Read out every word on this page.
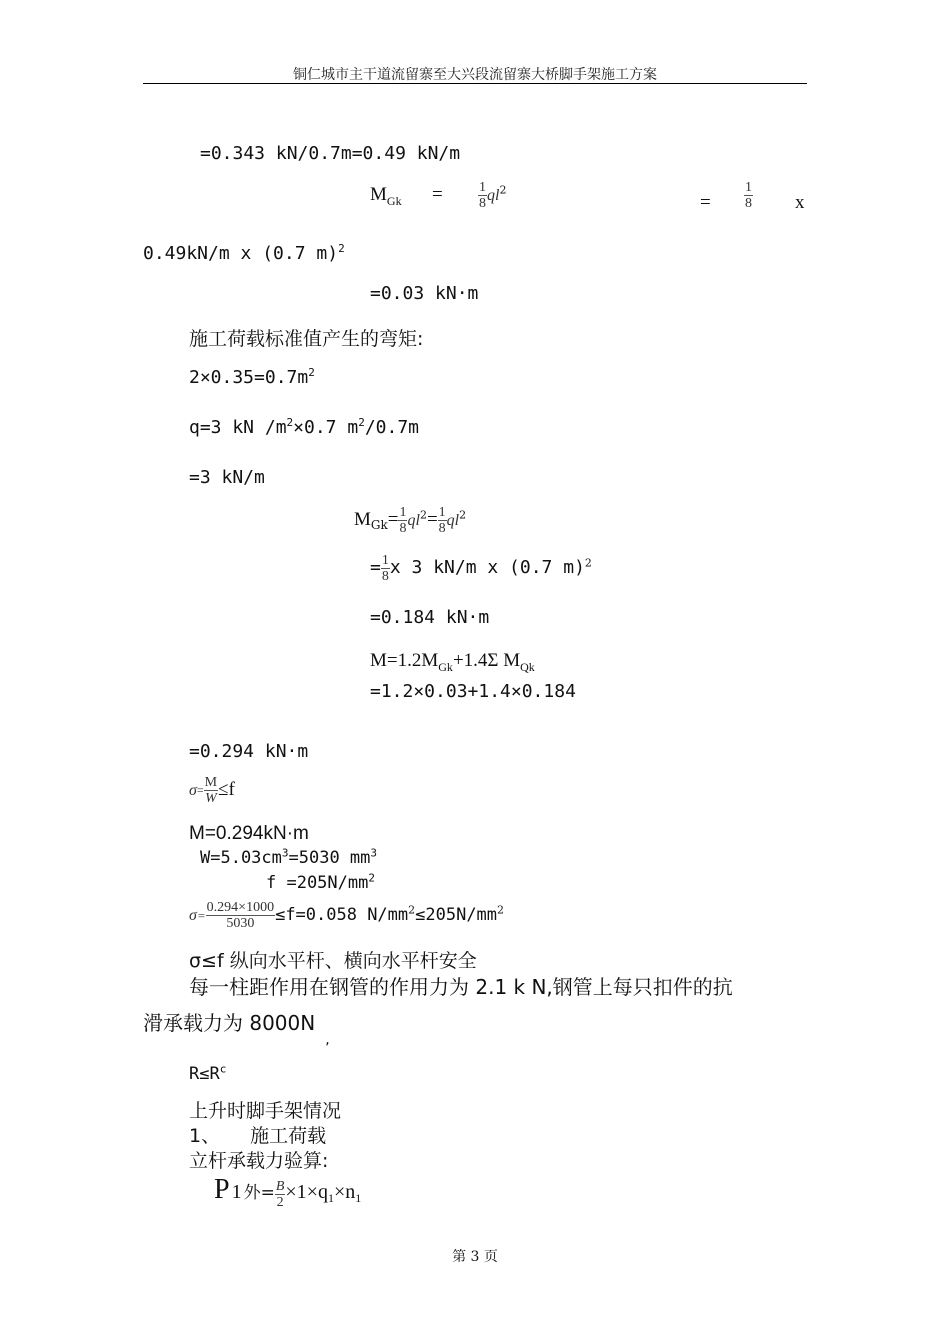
铜仁城市主干道流留寨至大兴段流留寨大桥脚手架施工方案
=0.343 kN/0.7m=0.49 kN/m
$M_{Gk}$ =	$\frac{1}{8} ql^2$
= $\frac{1}{8}$ x
0.49kN/m x (0.7 m)$^2$
=0.03 kN·m
施工荷载标准值产生的弯矩:
$2\times 0.35=0.7m^2$
q=3 kN $/m^2\times 0.7$ $m^2/0.7m$
=3 kN/m
$M_{Gk}= \frac{1}{8} ql^2= \frac{1}{8} ql^2$
= $\frac{1}{8}$ x 3 kN/m x (0.7 m)$^2$
=0.184 kN·m
$M=1.2M_{Gk}+1.4\Sigma$ $M_{Qk}$
=1.2×0.03+1.4×0.184
=0.294 kN·m
$\sigma= \frac{M}{W} \le f$
M=0.294kN·m
$W=5.03cm^3=5030$ $mm^3$
$f =205N/mm^2$
$\sigma= \frac{0.294\times 1000}{5030} \le f=0.058$ $N/mm^2\le 205N/mm^2$
σ≤f 纵向水平杆、横向水平杆安全
每一柱距作用在钢管的作用力为 2.1 k N,钢管上每只扣件的抗
滑承载力为 $8000N_,$
$R\le R^c$
上升时脚手架情况
1、 施工荷载
立杆承载力验算:
P 1 外= $\frac{B}{2} \times 1\times q_1\times n_1$
第 3 页
